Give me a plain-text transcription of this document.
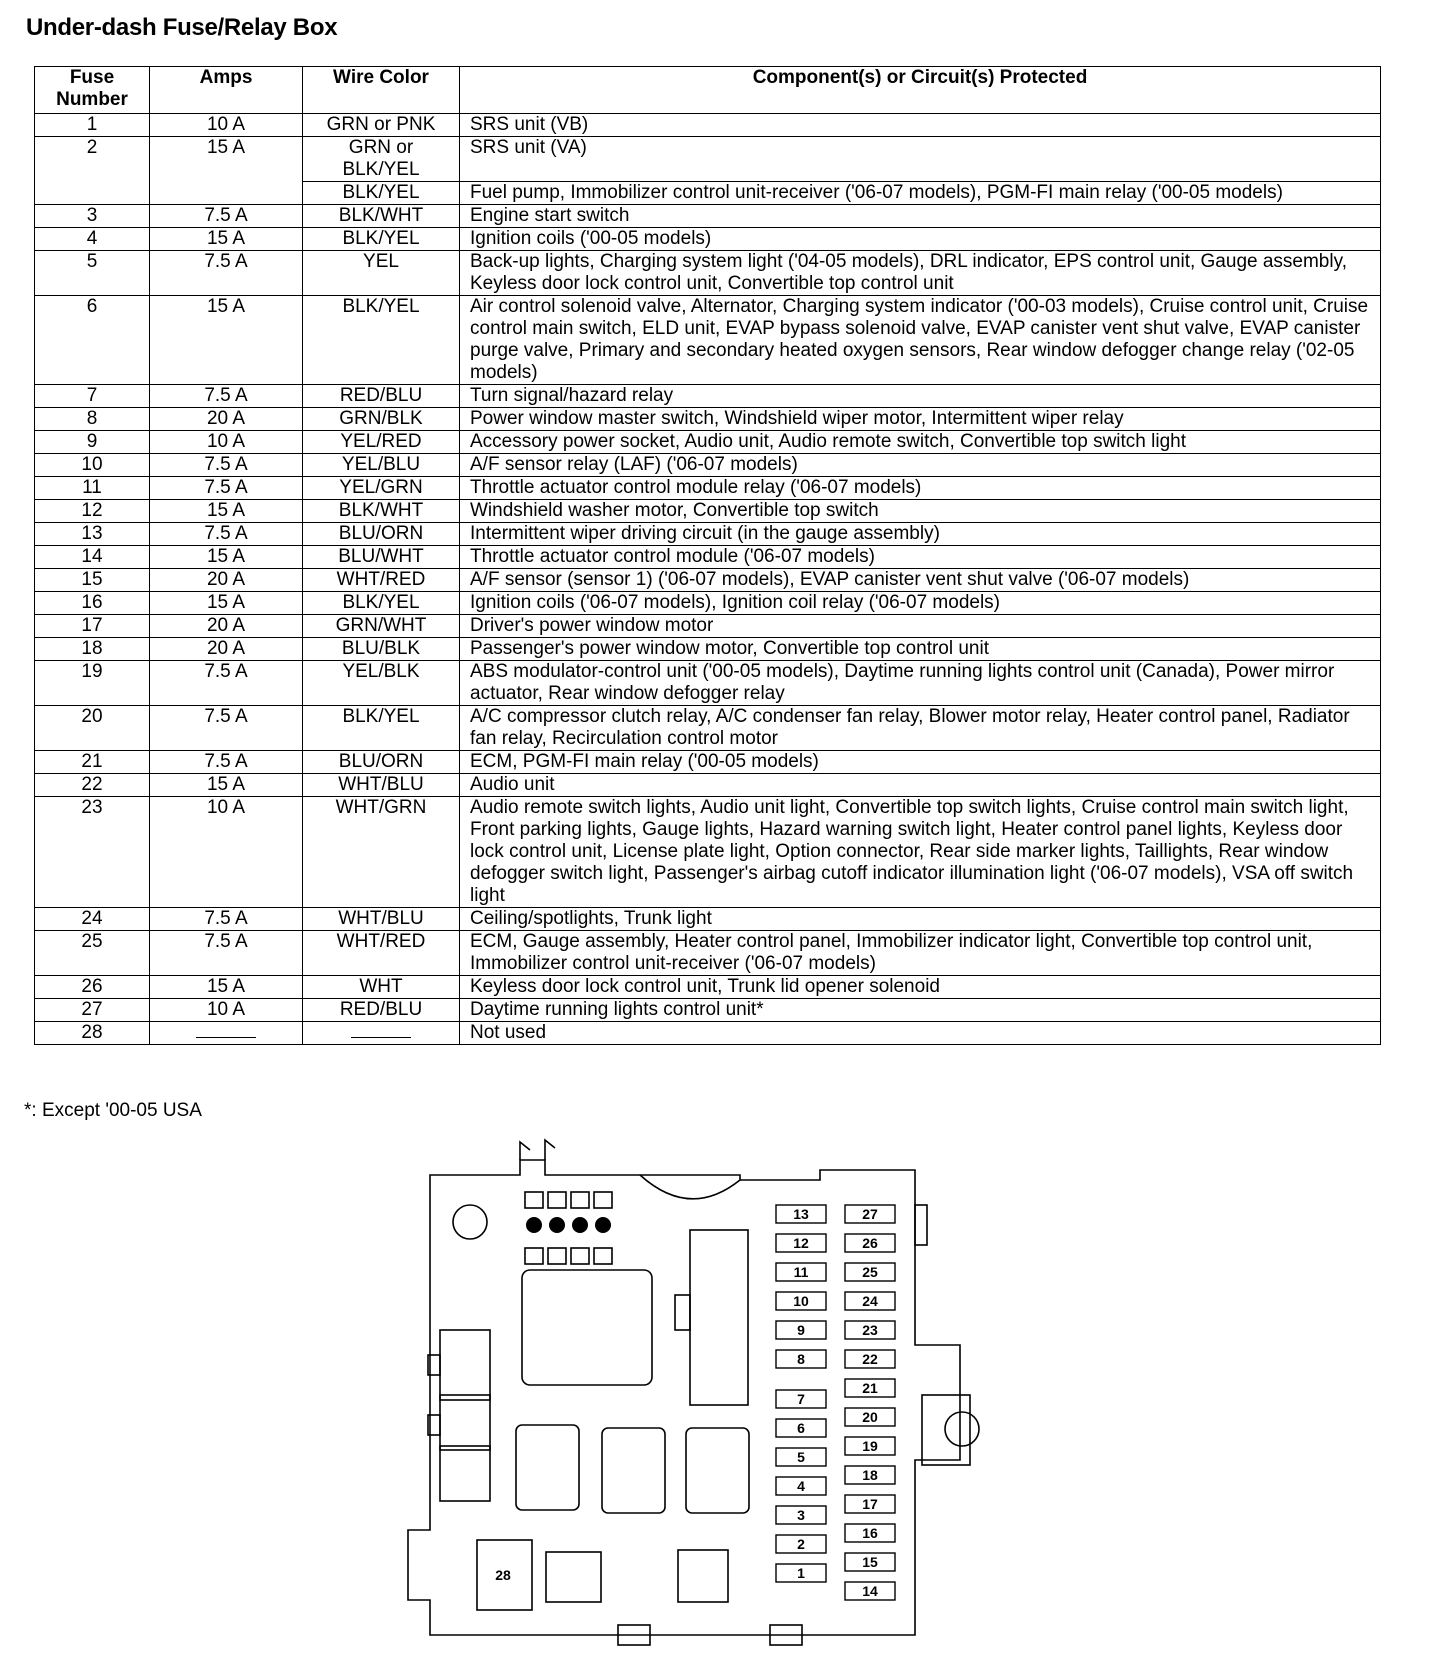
Under-dash Fuse/Relay Box
Fuse Number	Amps	Wire Color	Component(s) or Circuit(s) Protected
1	10 A	GRN or PNK	SRS unit (VB)
2	15 A	GRN or BLK/YEL	SRS unit (VA)
		BLK/YEL	Fuel pump, Immobilizer control unit-receiver ('06-07 models), PGM-FI main relay ('00-05 models)
3	7.5 A	BLK/WHT	Engine start switch
4	15 A	BLK/YEL	Ignition coils ('00-05 models)
5	7.5 A	YEL	Back-up lights, Charging system light ('04-05 models), DRL indicator, EPS control unit, Gauge assembly, Keyless door lock control unit, Convertible top control unit
6	15 A	BLK/YEL	Air control solenoid valve, Alternator, Charging system indicator ('00-03 models), Cruise control unit, Cruise control main switch, ELD unit, EVAP bypass solenoid valve, EVAP canister vent shut valve, EVAP canister purge valve, Primary and secondary heated oxygen sensors, Rear window defogger change relay ('02-05 models)
7	7.5 A	RED/BLU	Turn signal/hazard relay
8	20 A	GRN/BLK	Power window master switch, Windshield wiper motor, Intermittent wiper relay
9	10 A	YEL/RED	Accessory power socket, Audio unit, Audio remote switch, Convertible top switch light
10	7.5 A	YEL/BLU	A/F sensor relay (LAF) ('06-07 models)
11	7.5 A	YEL/GRN	Throttle actuator control module relay ('06-07 models)
12	15 A	BLK/WHT	Windshield washer motor, Convertible top switch
13	7.5 A	BLU/ORN	Intermittent wiper driving circuit (in the gauge assembly)
14	15 A	BLU/WHT	Throttle actuator control module ('06-07 models)
15	20 A	WHT/RED	A/F sensor (sensor 1) ('06-07 models), EVAP canister vent shut valve ('06-07 models)
16	15 A	BLK/YEL	Ignition coils ('06-07 models), Ignition coil relay ('06-07 models)
17	20 A	GRN/WHT	Driver's power window motor
18	20 A	BLU/BLK	Passenger's power window motor, Convertible top control unit
19	7.5 A	YEL/BLK	ABS modulator-control unit ('00-05 models), Daytime running lights control unit (Canada), Power mirror actuator, Rear window defogger relay
20	7.5 A	BLK/YEL	A/C compressor clutch relay, A/C condenser fan relay, Blower motor relay, Heater control panel, Radiator fan relay, Recirculation control motor
21	7.5 A	BLU/ORN	ECM, PGM-FI main relay ('00-05 models)
22	15 A	WHT/BLU	Audio unit
23	10 A	WHT/GRN	Audio remote switch lights, Audio unit light, Convertible top switch lights, Cruise control main switch light, Front parking lights, Gauge lights, Hazard warning switch light, Heater control panel lights, Keyless door lock control unit, License plate light, Option connector, Rear side marker lights, Taillights, Rear window defogger switch light, Passenger's airbag cutoff indicator illumination light ('06-07 models), VSA off switch light
24	7.5 A	WHT/BLU	Ceiling/spotlights, Trunk light
25	7.5 A	WHT/RED	ECM, Gauge assembly, Heater control panel, Immobilizer indicator light, Convertible top control unit, Immobilizer control unit-receiver ('06-07 models)
26	15 A	WHT	Keyless door lock control unit, Trunk lid opener solenoid
27	10 A	RED/BLU	Daytime running lights control unit*
28			Not used
*: Except '00-05 USA
28
13
12
11
10
9
8
7
6
5
4
3
2
1
27
26
25
24
23
22
21
20
19
18
17
16
15
14
